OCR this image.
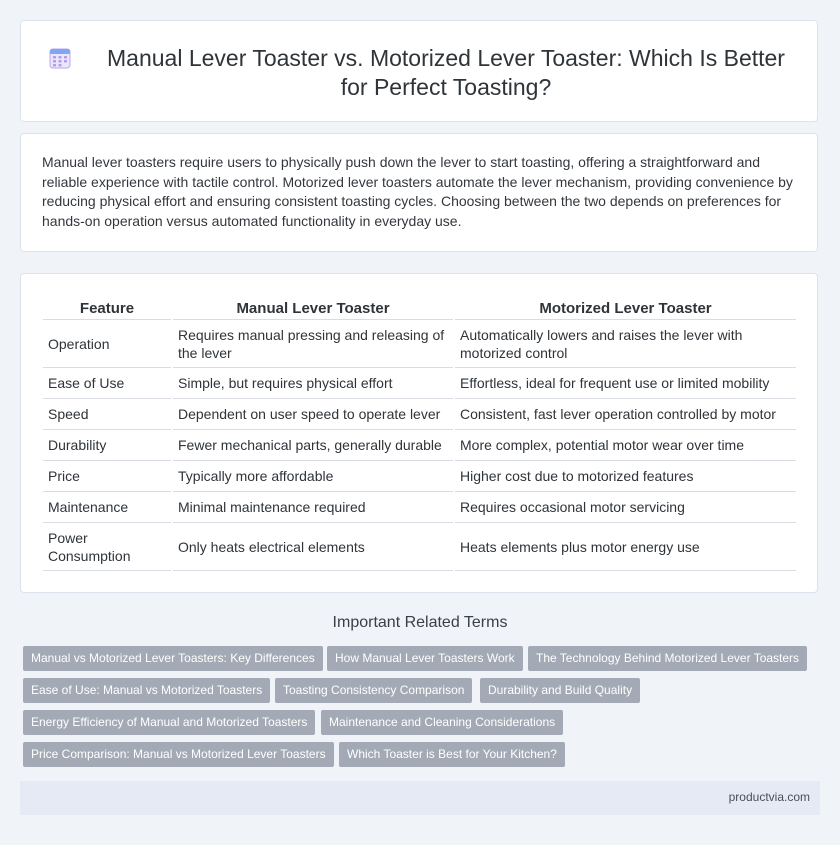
Manual Lever Toaster vs. Motorized Lever Toaster: Which Is Better for Perfect Toasting?

Manual lever toasters require users to physically push down the lever to start toasting, offering a straightforward and reliable experience with tactile control. Motorized lever toasters automate the lever mechanism, providing convenience by reducing physical effort and ensuring consistent toasting cycles. Choosing between the two depends on preferences for hands-on operation versus automated functionality in everyday use.

Feature	Manual Lever Toaster	Motorized Lever Toaster
Operation	Requires manual pressing and releasing of the lever	Automatically lowers and raises the lever with motorized control
Ease of Use	Simple, but requires physical effort	Effortless, ideal for frequent use or limited mobility
Speed	Dependent on user speed to operate lever	Consistent, fast lever operation controlled by motor
Durability	Fewer mechanical parts, generally durable	More complex, potential motor wear over time
Price	Typically more affordable	Higher cost due to motorized features
Maintenance	Minimal maintenance required	Requires occasional motor servicing
Power Consumption	Only heats electrical elements	Heats elements plus motor energy use
Important Related Terms
Manual vs Motorized Lever Toasters: Key Differences	How Manual Lever Toasters Work	The Technology Behind Motorized Lever Toasters
Ease of Use: Manual vs Motorized Toasters	Toasting Consistency Comparison	Durability and Build Quality
Energy Efficiency of Manual and Motorized Toasters	Maintenance and Cleaning Considerations
Price Comparison: Manual vs Motorized Lever Toasters	Which Toaster is Best for Your Kitchen?
productvia.com
